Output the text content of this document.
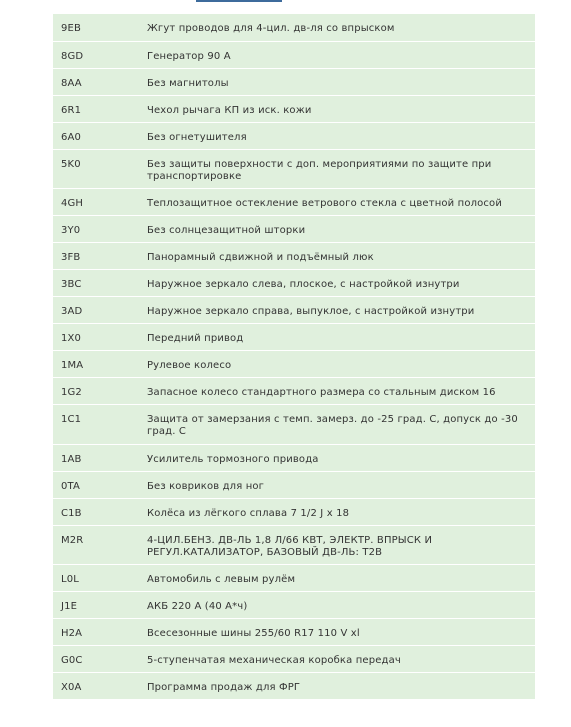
9EB	Жгут проводов для 4-цил. дв-ля со впрыском
8GD	Генератор 90 А
8AA	Без магнитолы
6R1	Чехол рычага КП из иск. кожи
6A0	Без огнетушителя
5K0	Без защиты поверхности с доп. мероприятиями по защите при транспортировке
4GH	Теплозащитное остекление ветрового стекла с цветной полосой
3Y0	Без солнцезащитной шторки
3FB	Панорамный сдвижной и подъёмный люк
3BC	Наружное зеркало слева, плоское, с настройкой изнутри
3AD	Наружное зеркало справа, выпуклое, с настройкой изнутри
1X0	Передний привод
1MA	Рулевое колесо
1G2	Запасное колесо стандартного размера со стальным диском 16
1C1	Защита от замерзания с темп. замерз. до -25 град. С, допуск до -30 град. С
1AB	Усилитель тормозного привода
0TA	Без ковриков для ног
C1B	Колёса из лёгкого сплава 7 1/2 J x 18
M2R	4-ЦИЛ.БЕНЗ. ДВ-ЛЬ 1,8 Л/66 КВТ, ЭЛЕКТР. ВПРЫСК И РЕГУЛ.КАТАЛИЗАТОР, БАЗОВЫЙ ДВ-ЛЬ: T2B
L0L	Автомобиль с левым рулём
J1E	АКБ 220 A (40 А*ч)
H2A	Всесезонные шины 255/60 R17 110 V xl
G0C	5-ступенчатая механическая коробка передач
X0A	Программа продаж для ФРГ
